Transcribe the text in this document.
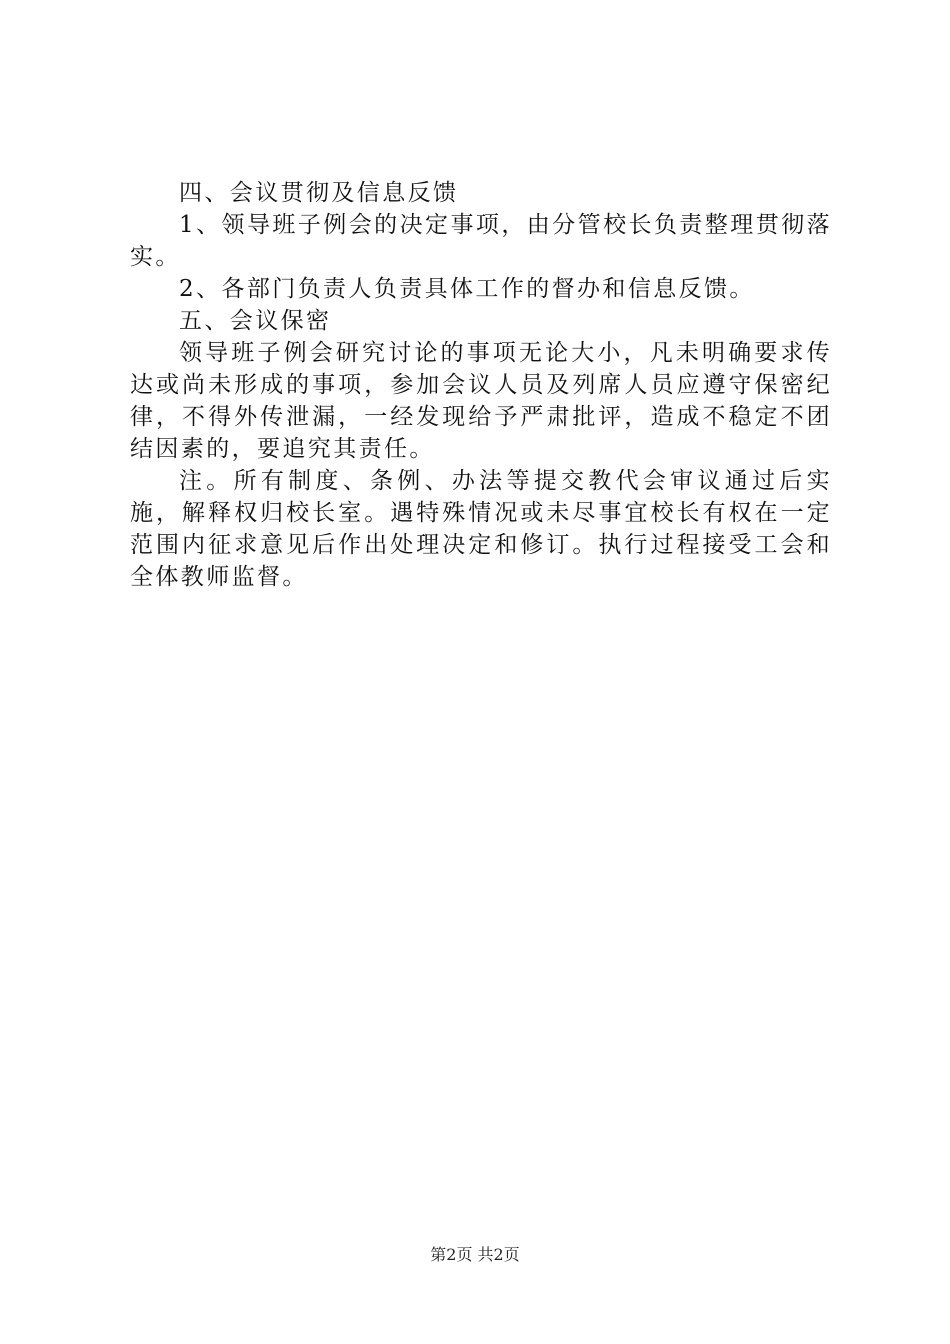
四、会议贯彻及信息反馈

1、领导班子例会的决定事项，由分管校长负责整理贯彻落实。

2、各部门负责人负责具体工作的督办和信息反馈。

五、会议保密

领导班子例会研究讨论的事项无论大小，凡未明确要求传达或尚未形成的事项，参加会议人员及列席人员应遵守保密纪律，不得外传泄漏，一经发现给予严肃批评，造成不稳定不团结因素的，要追究其责任。

注。所有制度、条例、办法等提交教代会审议通过后实施，解释权归校长室。遇特殊情况或未尽事宜校长有权在一定范围内征求意见后作出处理决定和修订。执行过程接受工会和全体教师监督。

第2页 共2页
